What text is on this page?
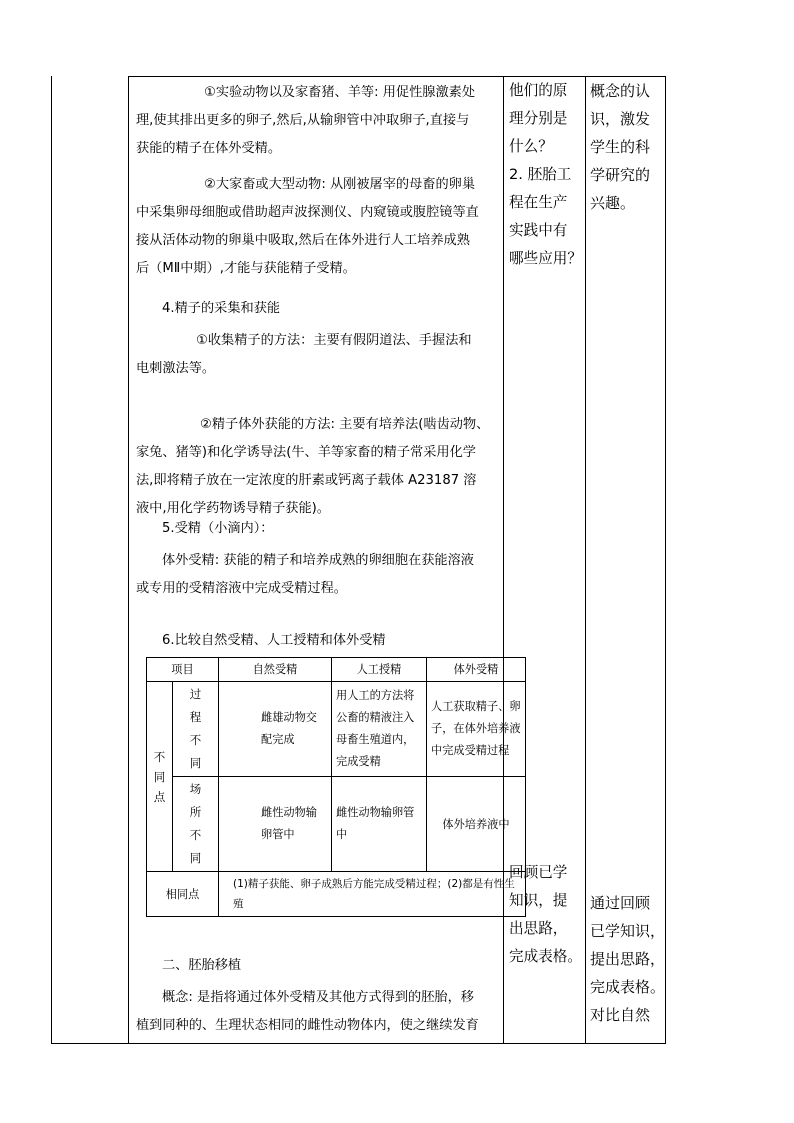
①实验动物以及家畜猪、羊等: 用促性腺激素处
理,使其排出更多的卵子,然后,从输卵管中冲取卵子,直接与
获能的精子在体外受精。
②大家畜或大型动物: 从刚被屠宰的母畜的卵巢
中采集卵母细胞或借助超声波探测仪、内窥镜或腹腔镜等直
接从活体动物的卵巢中吸取,然后在体外进行人工培养成熟
后（MⅡ中期）,才能与获能精子受精。
4.精子的采集和获能
①收集精子的方法：主要有假阴道法、手握法和
电刺激法等。
②精子体外获能的方法: 主要有培养法(啮齿动物、
家兔、猪等)和化学诱导法(牛、羊等家畜的精子常采用化学
法,即将精子放在一定浓度的肝素或钙离子载体 A23187 溶
液中,用化学药物诱导精子获能)。
5.受精（小滴内）：
体外受精: 获能的精子和培养成熟的卵细胞在获能溶液
或专用的受精溶液中完成受精过程。
6.比较自然受精、人工授精和体外受精
二、胚胎移植
概念: 是指将通过体外受精及其他方式得到的胚胎，移
植到同种的、生理状态相同的雌性动物体内，使之继续发育
项目		自然受精	人工授精	体外受精

不同点	过程不同	雌雄动物交配完成	用人工的方法将公畜的精液注入母畜生殖道内，完成受精	人工获取精子、卵子，在体外培养液中完成受精过程

	场所不同	雌性动物输卵管中	雌性动物输卵管中	体外培养液中
相同点		(1)精子获能、卵子成熟后方能完成受精过程；(2)都是有性生殖		
他们的原
理分别是
什么？
2. 胚胎工
程在生产
实践中有
哪些应用？
回顾已学
知识，提
出思路，
完成表格。
概念的认
识，激发
学生的科
学研究的
兴趣。
通过回顾
已学知识，
提出思路，
完成表格。
对比自然
